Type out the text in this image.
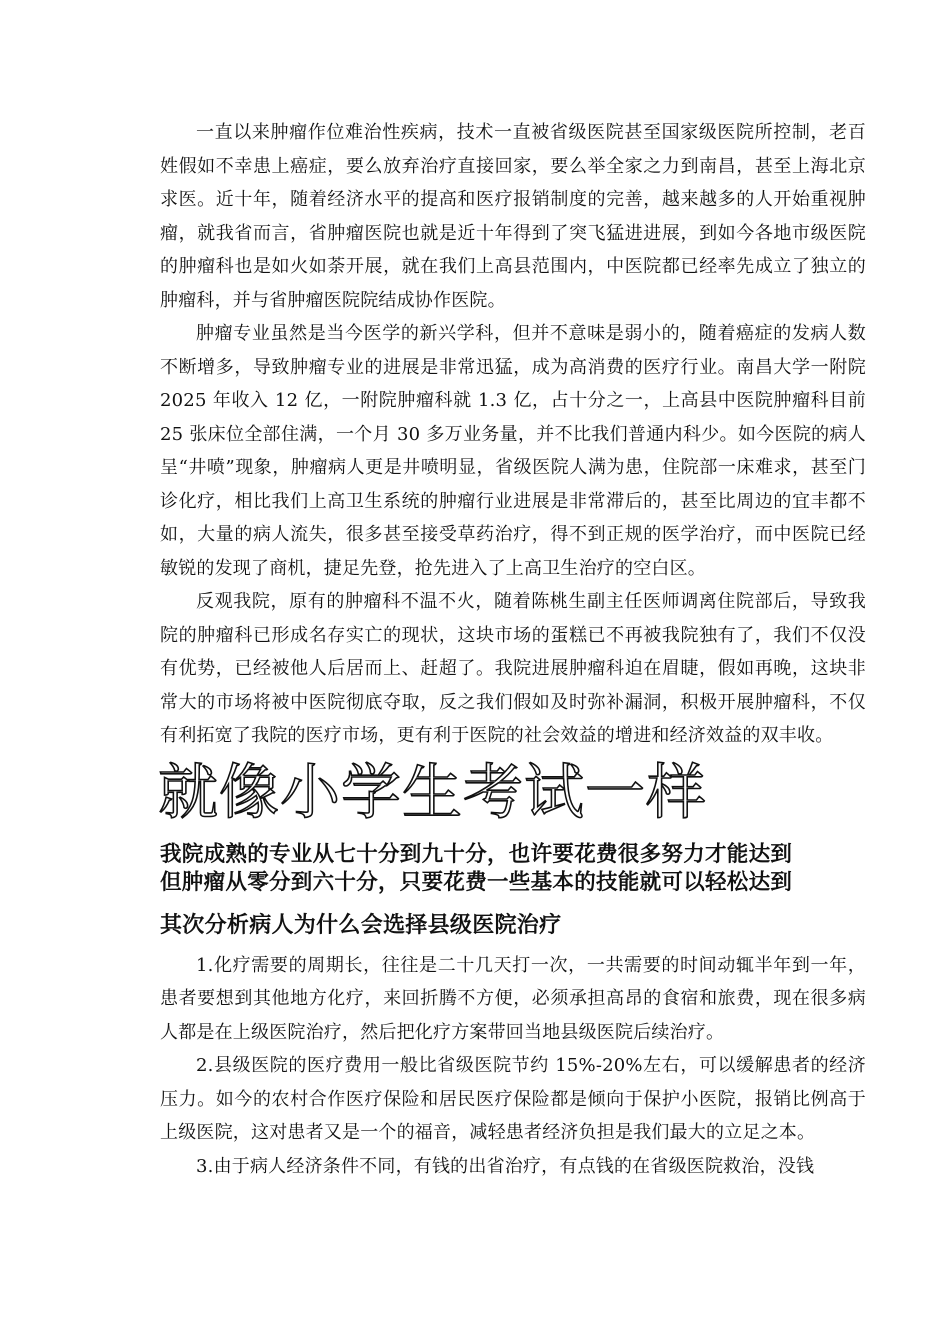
一直以来肿瘤作位难治性疾病，技术一直被省级医院甚至国家级医院所控制，老百姓假如不幸患上癌症，要么放弃治疗直接回家，要么举全家之力到南昌，甚至上海北京求医。近十年，随着经济水平的提高和医疗报销制度的完善，越来越多的人开始重视肿瘤，就我省而言，省肿瘤医院也就是近十年得到了突飞猛进进展，到如今各地市级医院的肿瘤科也是如火如荼开展，就在我们上高县范围内，中医院都已经率先成立了独立的肿瘤科，并与省肿瘤医院院结成协作医院。

肿瘤专业虽然是当今医学的新兴学科，但并不意味是弱小的，随着癌症的发病人数不断增多，导致肿瘤专业的进展是非常迅猛，成为高消费的医疗行业。南昌大学一附院 2025 年收入 12 亿，一附院肿瘤科就 1.3 亿，占十分之一，上高县中医院肿瘤科目前 25 张床位全部住满，一个月 30 多万业务量，并不比我们普通内科少。如今医院的病人呈“井喷”现象，肿瘤病人更是井喷明显，省级医院人满为患，住院部一床难求，甚至门诊化疗，相比我们上高卫生系统的肿瘤行业进展是非常滞后的，甚至比周边的宜丰都不如，大量的病人流失，很多甚至接受草药治疗，得不到正规的医学治疗，而中医院已经敏锐的发现了商机，捷足先登，抢先进入了上高卫生治疗的空白区。

反观我院，原有的肿瘤科不温不火，随着陈桃生副主任医师调离住院部后，导致我院的肿瘤科已形成名存实亡的现状，这块市场的蛋糕已不再被我院独有了，我们不仅没有优势，已经被他人后居而上、赶超了。我院进展肿瘤科迫在眉睫，假如再晚，这块非常大的市场将被中医院彻底夺取，反之我们假如及时弥补漏洞，积极开展肿瘤科，不仅有利拓宽了我院的医疗市场，更有利于医院的社会效益的增进和经济效益的双丰收。

就像小学生考试一样

我院成熟的专业从七十分到九十分，也许要花费很多努力才能达到

但肿瘤从零分到六十分，只要花费一些基本的技能就可以轻松达到

其次分析病人为什么会选择县级医院治疗

1.化疗需要的周期长，往往是二十几天打一次，一共需要的时间动辄半年到一年，患者要想到其他地方化疗，来回折腾不方便，必须承担高昂的食宿和旅费，现在很多病人都是在上级医院治疗，然后把化疗方案带回当地县级医院后续治疗。

2.县级医院的医疗费用一般比省级医院节约 15%-20%左右，可以缓解患者的经济压力。如今的农村合作医疗保险和居民医疗保险都是倾向于保护小医院，报销比例高于上级医院，这对患者又是一个的福音，减轻患者经济负担是我们最大的立足之本。

3.由于病人经济条件不同，有钱的出省治疗，有点钱的在省级医院救治，没钱
